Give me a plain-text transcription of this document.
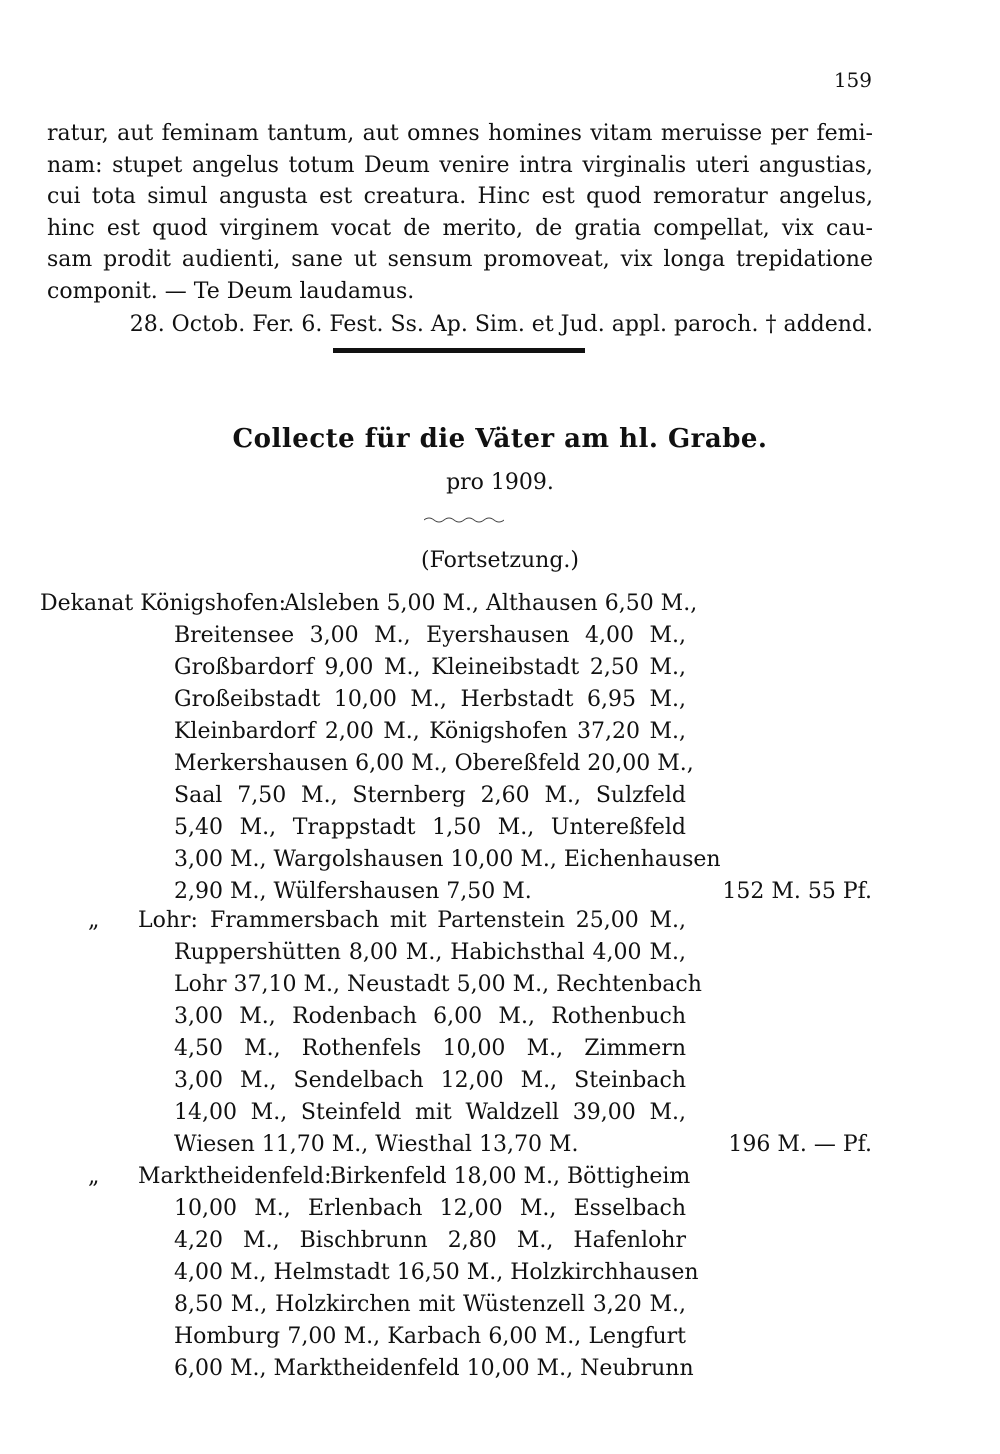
159
ratur, aut feminam tantum, aut omnes homines vitam meruisse per femi-
nam: stupet angelus totum Deum venire intra virginalis uteri angustias,
cui tota simul angusta est creatura. Hinc est quod remoratur angelus,
hinc est quod virginem vocat de merito, de gratia compellat, vix cau-
sam prodit audienti, sane ut sensum promoveat, vix longa trepidatione
componit. — Te Deum laudamus.
28. Octob. Fer. 6. Fest. Ss. Ap. Sim. et Jud. appl. paroch. † addend.
Collecte für die Väter am hl. Grabe.
pro 1909.
(Fortsetzung.)
Dekanat Königshofen:
Alsleben 5,00 M., Althausen 6,50 M.,
Breitensee 3,00 M., Eyershausen 4,00 M.,
Großbardorf 9,00 M., Kleineibstadt 2,50 M.,
Großeibstadt 10,00 M., Herbstadt 6,95 M.,
Kleinbardorf 2,00 M., Königshofen 37,20 M.,
Merkershausen 6,00 M., Obereßfeld 20,00 M.,
Saal 7,50 M., Sternberg 2,60 M., Sulzfeld
5,40 M., Trappstadt 1,50 M., Untereßfeld
3,00 M., Wargolshausen 10,00 M., Eichenhausen
2,90 M., Wülfershausen 7,50 M.	152 M. 55 Pf.
„ Lohr: Frammersbach mit Partenstein 25,00 M.,
Ruppershütten 8,00 M., Habichsthal 4,00 M.,
Lohr 37,10 M., Neustadt 5,00 M., Rechtenbach
3,00 M., Rodenbach 6,00 M., Rothenbuch
4,50 M., Rothenfels 10,00 M., Zimmern
3,00 M., Sendelbach 12,00 M., Steinbach
14,00 M., Steinfeld mit Waldzell 39,00 M.,
Wiesen 11,70 M., Wiesthal 13,70 M.	196 M. — Pf.
„ Marktheidenfeld:
Birkenfeld 18,00 M., Böttigheim
10,00 M., Erlenbach 12,00 M., Esselbach
4,20 M., Bischbrunn 2,80 M., Hafenlohr
4,00 M., Helmstadt 16,50 M., Holzkirchhausen
8,50 M., Holzkirchen mit Wüstenzell 3,20 M.,
Homburg 7,00 M., Karbach 6,00 M., Lengfurt
6,00 M., Marktheidenfeld 10,00 M., Neubrunn
